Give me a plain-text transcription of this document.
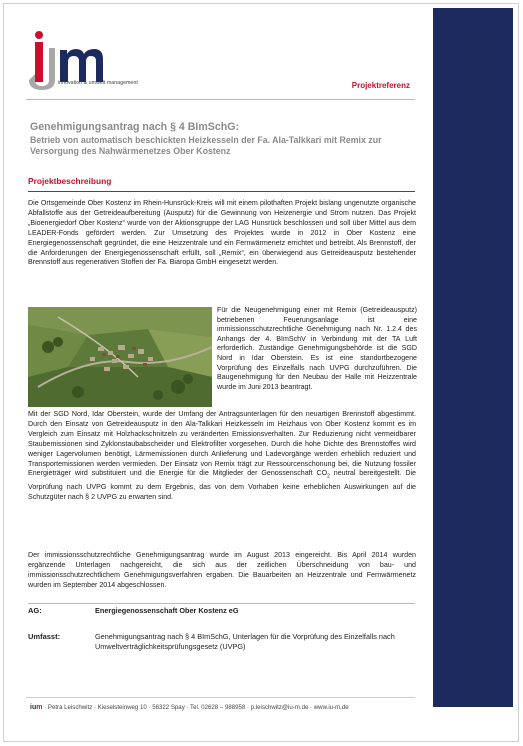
ium
innovation & umwelt management	Projektreferenz
Genehmigungsantrag nach § 4 BImSchG:
Betrieb von automatisch beschickten Heizkesseln der Fa. Ala-Talkkari mit Remix zur Versorgung des Nahwärmenetzes Ober Kostenz
Projektbeschreibung

Die Ortsgemeinde Ober Kostenz im Rhein-Hunsrück-Kreis will mit einem pilothaften Projekt bislang ungenutzte organische Abfallstoffe aus der Getreideaufbereitung (Ausputz) für die Gewinnung von Heizenergie und Strom nutzen. Das Projekt „Bioenergiedorf Ober Kostenz“ wurde von der Aktionsgruppe der LAG Hunsrück beschlossen und soll über Mittel aus dem LEADER-Fonds gefördert werden. Zur Umsetzung des Projektes wurde in 2012 in Ober Kostenz eine Energiegenossenschaft gegründet, die eine Heizzentrale und ein Fernwärmenetz errichtet und betreibt. Als Brennstoff, der die Anforderungen der Energiegenossenschaft erfüllt, soll „Remix“, ein überwiegend aus Getreideausputz bestehender Brennstoff aus regenerativen Stoffen der Fa. Biaropa GmbH eingesetzt werden.

Für die Neugenehmigung einer mit Remix (Getreideausputz) betriebenen Feuerungsanlage ist eine immissionsschutzrechtliche Genehmigung nach Nr. 1.2.4 des Anhangs der 4. BImSchV in Verbindung mit der TA Luft erforderlich. Zuständige Genehmigungsbehörde ist die SGD Nord in Idar Oberstein. Es ist eine standortbezogene Vorprüfung des Einzelfalls nach UVPG durchzuführen. Die Baugenehmigung für den Neubau der Halle mit Heizzentrale wurde im Juni 2013 beantragt.

Mit der SGD Nord, Idar Oberstein, wurde der Umfang der Antragsunterlagen für den neuartigen Brennstoff abgestimmt. Durch den Einsatz von Getreideausputz in den Ala-Talkkari Heizkesseln im Heizhaus von Ober Kostenz kommt es im Vergleich zum Einsatz mit Holzhackschnitzeln zu veränderten Emissionsverhalten. Zur Reduzierung nicht vermeidbarer Staubemissionen sind Zyklonstaubabscheider und Elektrofilter vorgesehen. Durch die hohe Dichte des Brennstoffes wird weniger Lagervolumen benötigt, Lärmemissionen durch Anlieferung und Ladevorgänge werden erheblich reduziert und Transportemissionen werden vermieden. Der Einsatz von Remix trägt zur Ressourcenschonung bei, die Nutzung fossiler Energieträger wird substituiert und die Energie für die Mitglieder der Genossenschaft $CO_2$ neutral bereitgestellt. Die Vorprüfung nach UVPG kommt zu dem Ergebnis, das von dem Vorhaben keine erheblichen Auswirkungen auf die Schutzgüter nach § 2 UVPG zu erwarten sind.

Der immissionsschutzrechtliche Genehmigungsantrag wurde im August 2013 eingereicht. Bis April 2014 wurden ergänzende Unterlagen nachgereicht, die sich aus der zeitlichen Überschneidung von bau- und immissionsschutzrechtlichem Genehmigungsverfahren ergaben. Die Bauarbeiten an Heizzentrale und Fernwärmenetz wurden im September 2014 abgeschlossen.

AG:	Energiegenossenschaft Ober Kostenz eG
Umfasst:	Genehmigungsantrag nach § 4 BImSchG, Unterlagen für die Vorprüfung des Einzelfalls nach Umweltverträglichkeitsprüfungsgesetz (UVPG)
ium · Petra Leischwitz · Kieselsteinweg 10 · 56322 Spay · Tel. 02628 – 988958 · p.leischwitz@iu-m.de · www.iu-m.de
